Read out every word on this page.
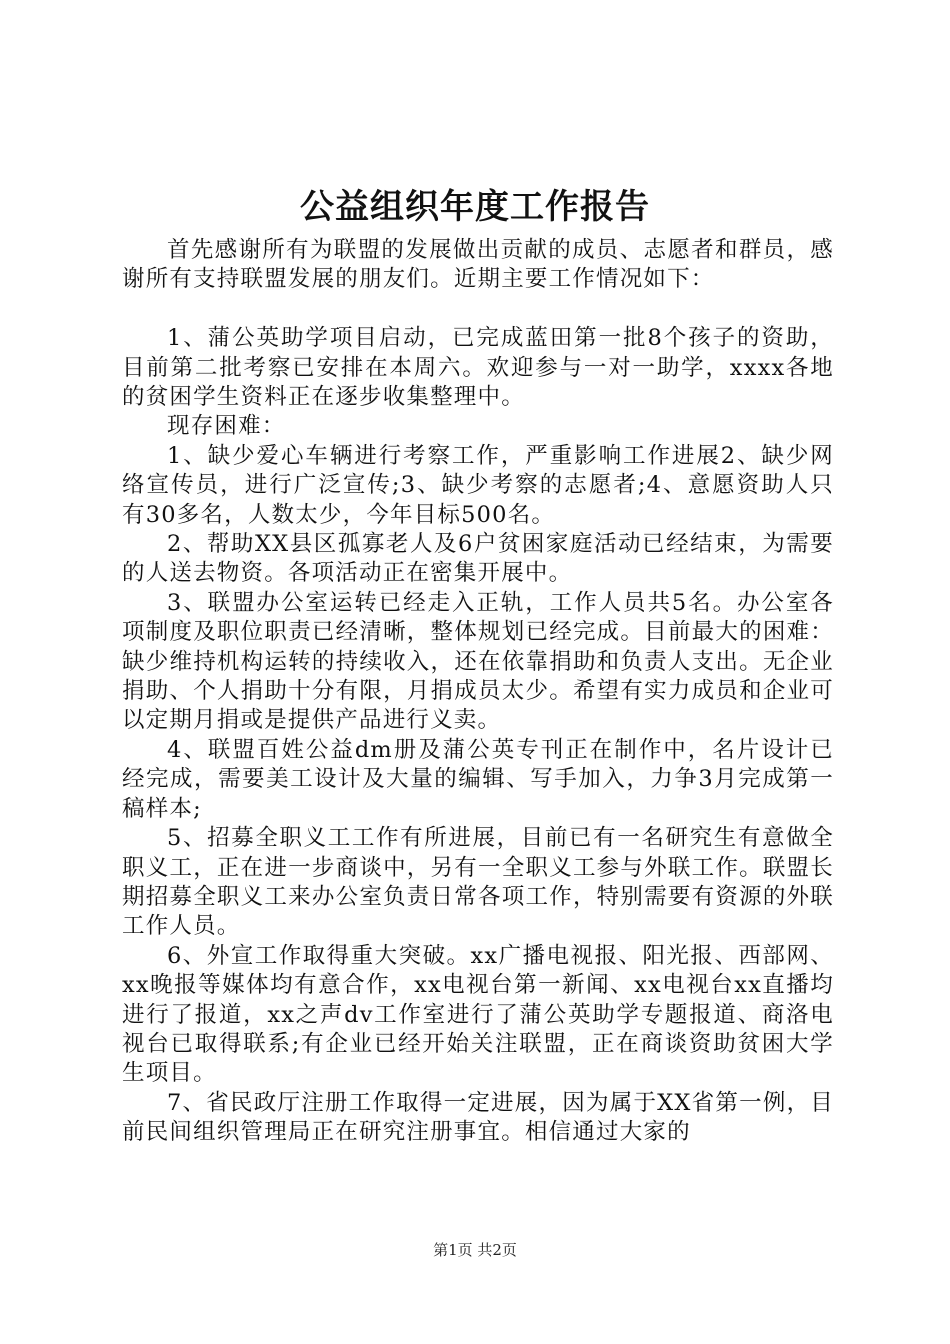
公益组织年度工作报告

首先感谢所有为联盟的发展做出贡献的成员、志愿者和群员，感谢所有支持联盟发展的朋友们。近期主要工作情况如下：

1、蒲公英助学项目启动，已完成蓝田第一批8个孩子的资助，目前第二批考察已安排在本周六。欢迎参与一对一助学，xxxx各地的贫困学生资料正在逐步收集整理中。

现存困难：

1、缺少爱心车辆进行考察工作，严重影响工作进展2、缺少网络宣传员，进行广泛宣传;3、缺少考察的志愿者;4、意愿资助人只有30多名，人数太少，今年目标500名。

2、帮助XX县区孤寡老人及6户贫困家庭活动已经结束，为需要的人送去物资。各项活动正在密集开展中。

3、联盟办公室运转已经走入正轨，工作人员共5名。办公室各项制度及职位职责已经清晰，整体规划已经完成。目前最大的困难：缺少维持机构运转的持续收入，还在依靠捐助和负责人支出。无企业捐助、个人捐助十分有限，月捐成员太少。希望有实力成员和企业可以定期月捐或是提供产品进行义卖。

4、联盟百姓公益dm册及蒲公英专刊正在制作中，名片设计已经完成，需要美工设计及大量的编辑、写手加入，力争3月完成第一稿样本;

5、招募全职义工工作有所进展，目前已有一名研究生有意做全职义工，正在进一步商谈中，另有一全职义工参与外联工作。联盟长期招募全职义工来办公室负责日常各项工作，特别需要有资源的外联工作人员。

6、外宣工作取得重大突破。xx广播电视报、阳光报、西部网、xx晚报等媒体均有意合作，xx电视台第一新闻、xx电视台xx直播均进行了报道，xx之声dv工作室进行了蒲公英助学专题报道、商洛电视台已取得联系;有企业已经开始关注联盟，正在商谈资助贫困大学生项目。

7、省民政厅注册工作取得一定进展，因为属于XX省第一例，目前民间组织管理局正在研究注册事宜。相信通过大家的

第1页 共2页
